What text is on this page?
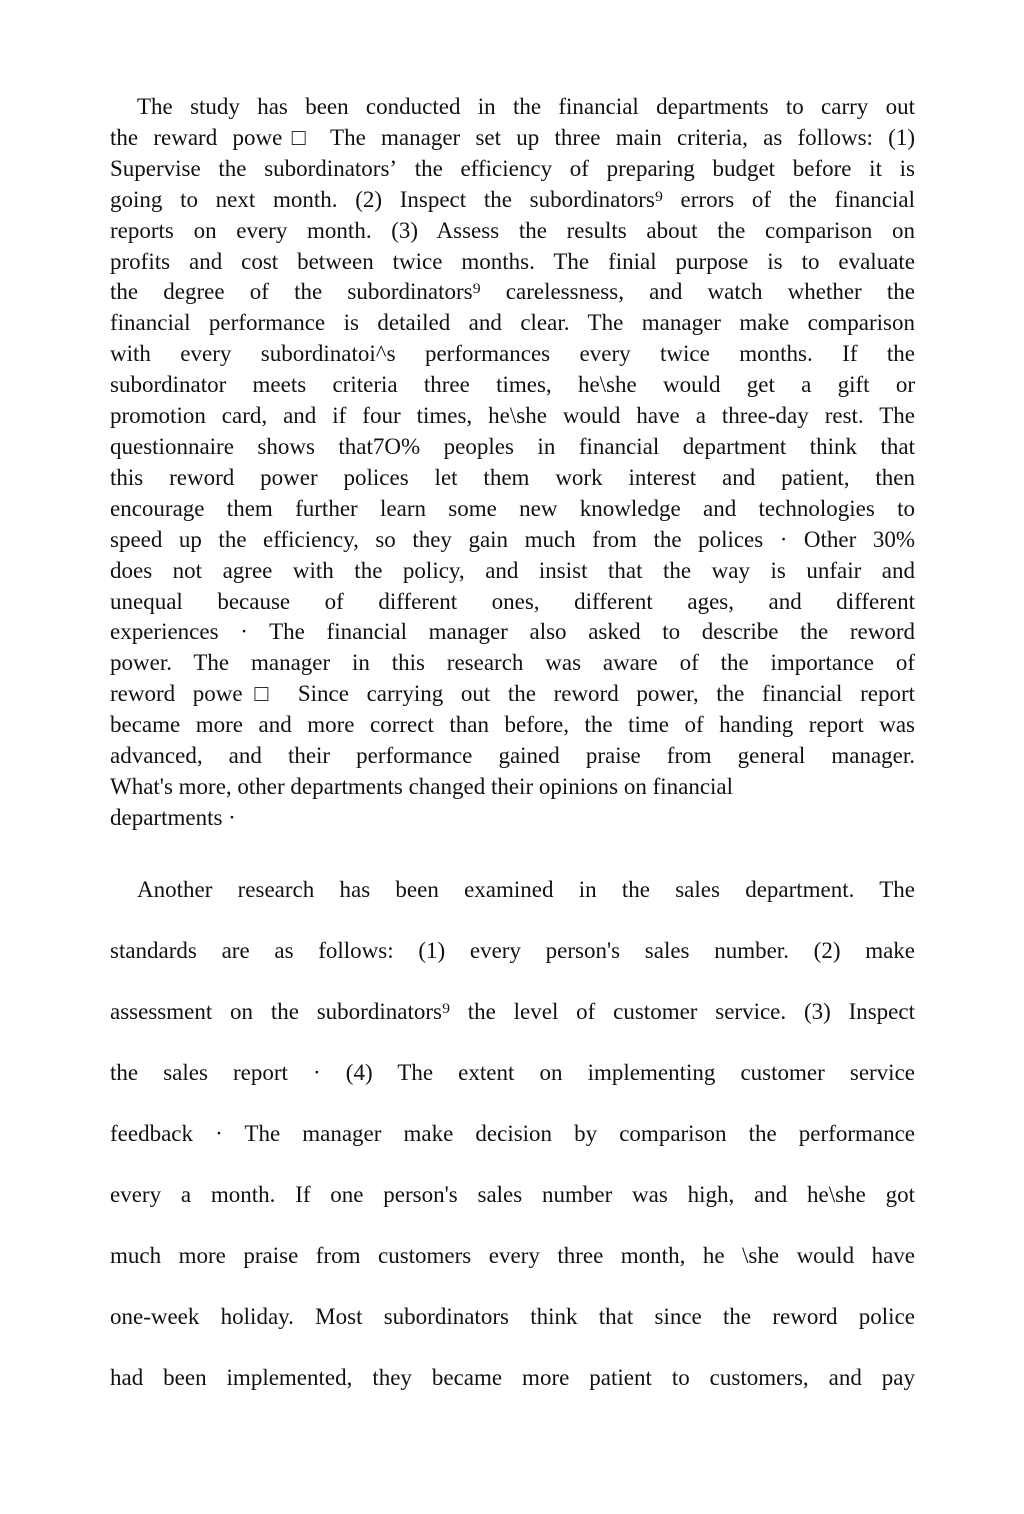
The study has been conducted in the financial departments to carry out
the reward powe□ The manager set up three main criteria, as follows: (1)
Supervise the subordinatorsʼ the efficiency of preparing budget before it is
going to next month. (2) Inspect the subordinators⁹ errors of the financial
reports on every month. (3) Assess the results about the comparison on
profits and cost between twice months. The finial purpose is to evaluate
the degree of the subordinators⁹ carelessness, and watch whether the
financial performance is detailed and clear. The manager make comparison
with every subordinatoi^s performances every twice months. If the
subordinator meets criteria three times, he\she would get a gift or
promotion card, and if four times, he\she would have a three-day rest. The
questionnaire shows that7O% peoples in financial department think that
this reword power polices let them work interest and patient, then
encourage them further learn some new knowledge and technologies to
speed up the efficiency, so they gain much from the polices · Other 30%
does not agree with the policy, and insist that the way is unfair and
unequal because of different ones, different ages, and different
experiences · The financial manager also asked to describe the reword
power. The manager in this research was aware of the importance of
reword powe□ Since carrying out the reword power, the financial report
became more and more correct than before, the time of handing report was
advanced, and their performance gained praise from general manager.
What's more, other departments changed their opinions on financial
departments ·

Another research has been examined in the sales department. The
standards are as follows: (1) every person's sales number. (2) make
assessment on the subordinators⁹ the level of customer service. (3) Inspect
the sales report · (4) The extent on implementing customer service
feedback · The manager make decision by comparison the performance
every a month. If one person's sales number was high, and he\she got
much more praise from customers every three month, he \she would have
one-week holiday. Most subordinators think that since the reword police
had been implemented, they became more patient to customers, and pay
